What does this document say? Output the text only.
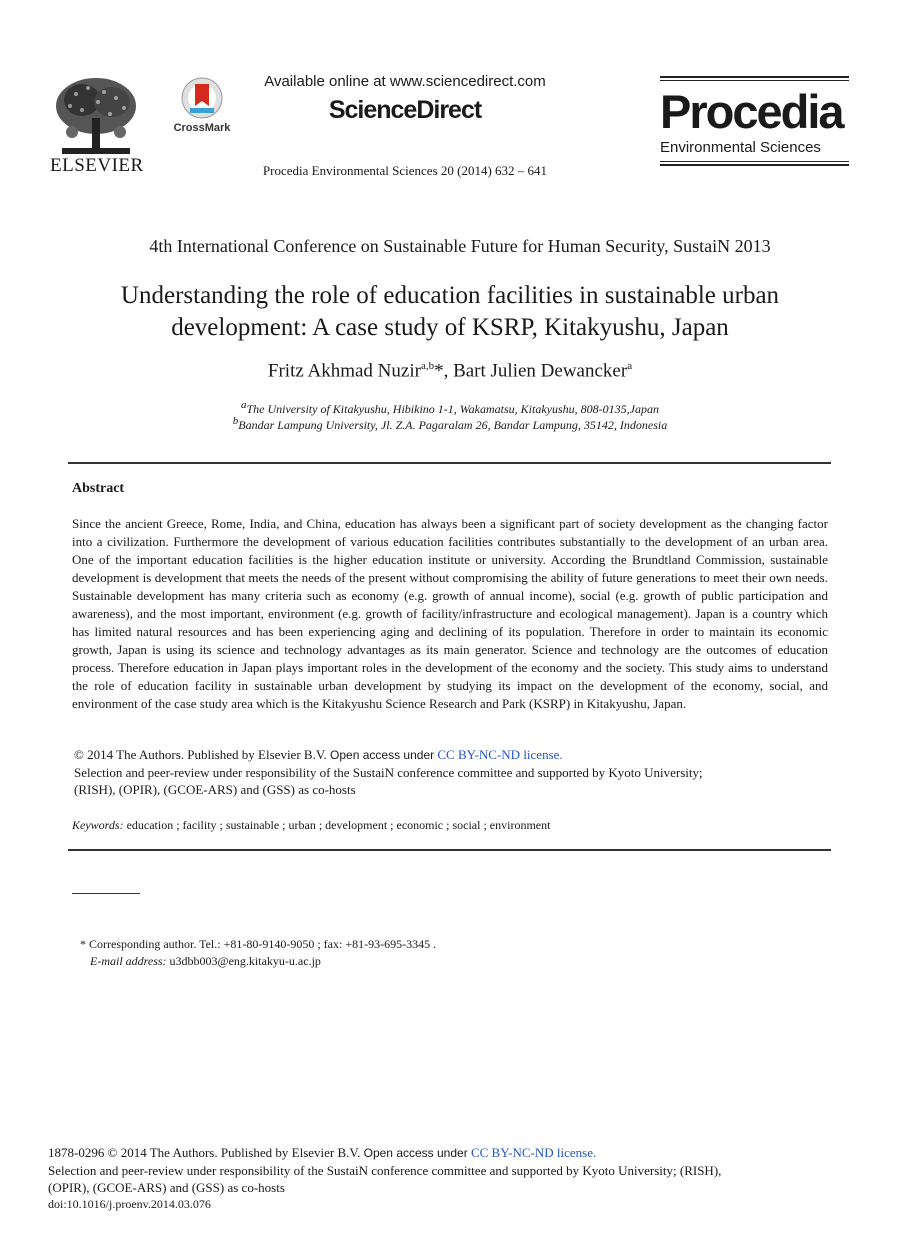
ELSEVIER
CrossMark
Available online at www.sciencedirect.com
ScienceDirect
Procedia Environmental Sciences 20 (2014) 632 – 641
Procedia
Environmental Sciences
4th International Conference on Sustainable Future for Human Security, SustaiN 2013
Understanding the role of education facilities in sustainable urban
development: A case study of KSRP, Kitakyushu, Japan
Fritz Akhmad Nuzir$^{a,b}$*, Bart Julien Dewancker$^a$
$^a$The University of Kitakyushu, Hibikino 1-1, Wakamatsu, Kitakyushu, 808-0135,Japan
$^b$Bandar Lampung University, Jl. Z.A. Pagaralam 26, Bandar Lampung, 35142, Indonesia
Abstract
Since the ancient Greece, Rome, India, and China, education has always been a significant part of society development as the changing factor into a civilization. Furthermore the development of various education facilities contributes substantially to the development of an urban area. One of the important education facilities is the higher education institute or university. According the Brundtland Commission, sustainable development is development that meets the needs of the present without compromising the ability of future generations to meet their own needs. Sustainable development has many criteria such as economy (e.g. growth of annual income), social (e.g. growth of public participation and awareness), and the most important, environment (e.g. growth of facility/infrastructure and ecological management). Japan is a country which has limited natural resources and has been experiencing aging and declining of its population. Therefore in order to maintain its economic growth, Japan is using its science and technology advantages as its main generator. Science and technology are the outcomes of education process. Therefore education in Japan plays important roles in the development of the economy and the society. This study aims to understand the role of education facility in sustainable urban development by studying its impact on the development of the economy, social, and environment of the case study area which is the Kitakyushu Science Research and Park (KSRP) in Kitakyushu, Japan.
© 2014 The Authors. Published by Elsevier B.V. Open access under CC BY-NC-ND license.
Selection and peer-review under responsibility of the SustaiN conference committee and supported by Kyoto University;
(RISH), (OPIR), (GCOE-ARS) and (GSS) as co-hosts
Keywords: education ; facility ; sustainable ; urban ; development ; economic ; social ; environment
* Corresponding author. Tel.: +81-80-9140-9050 ; fax: +81-93-695-3345 .
E-mail address: u3dbb003@eng.kitakyu-u.ac.jp
1878-0296 © 2014 The Authors. Published by Elsevier B.V. Open access under CC BY-NC-ND license.
Selection and peer-review under responsibility of the SustaiN conference committee and supported by Kyoto University; (RISH),
(OPIR), (GCOE-ARS) and (GSS) as co-hosts
doi:10.1016/j.proenv.2014.03.076
